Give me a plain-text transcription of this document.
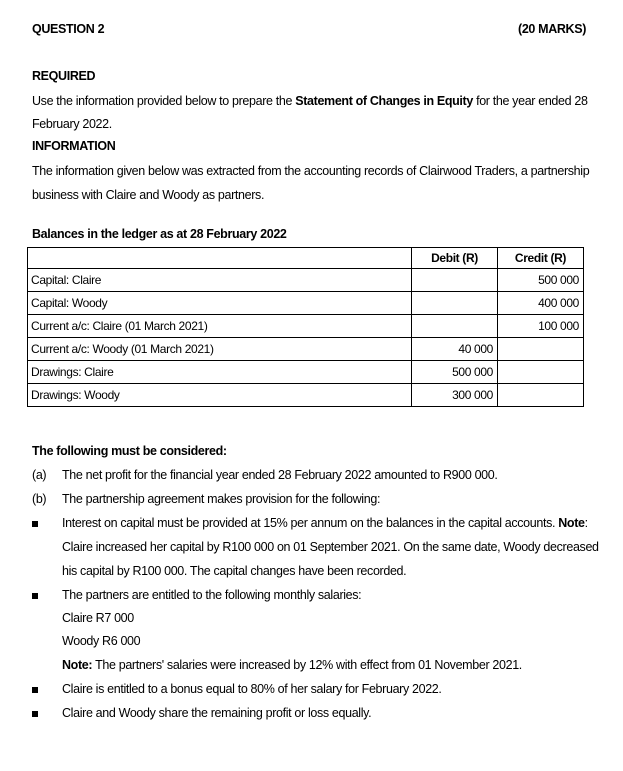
QUESTION 2	(20 MARKS)
REQUIRED
Use the information provided below to prepare the Statement of Changes in Equity for the year ended 28
February 2022.
INFORMATION
The information given below was extracted from the accounting records of Clairwood Traders, a partnership
business with Claire and Woody as partners.
Balances in the ledger as at 28 February 2022
	Debit (R)	Credit (R)
Capital: Claire		500 000
Capital: Woody		400 000
Current a/c: Claire (01 March 2021)		100 000
Current a/c: Woody (01 March 2021)	40 000	
Drawings: Claire	500 000	
Drawings: Woody	300 000	
The following must be considered:
(a) The net profit for the financial year ended 28 February 2022 amounted to R900 000.
(b) The partnership agreement makes provision for the following:
Interest on capital must be provided at 15% per annum on the balances in the capital accounts. Note:
Claire increased her capital by R100 000 on 01 September 2021. On the same date, Woody decreased
his capital by R100 000. The capital changes have been recorded.
The partners are entitled to the following monthly salaries:
Claire R7 000
Woody R6 000
Note: The partners' salaries were increased by 12% with effect from 01 November 2021.
Claire is entitled to a bonus equal to 80% of her salary for February 2022.
Claire and Woody share the remaining profit or loss equally.
